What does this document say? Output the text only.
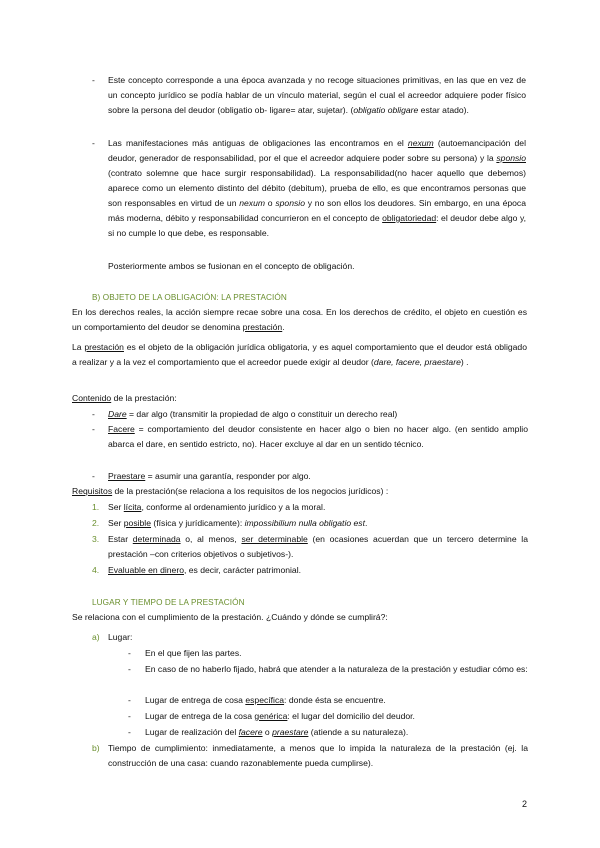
-	Este concepto corresponde a una época avanzada y no recoge situaciones primitivas, en las que en vez de un concepto jurídico se podía hablar de un vínculo material, según el cual el acreedor adquiere poder físico sobre la persona del deudor (obligatio ob- ligare= atar, sujetar). (obligatio obligare estar atado).
-	Las manifestaciones más antiguas de obligaciones las encontramos en el nexum (autoemancipación del deudor, generador de responsabilidad, por el que el acreedor adquiere poder sobre su persona) y la sponsio (contrato solemne que hace surgir responsabilidad). La responsabilidad(no hacer aquello que debemos) aparece como un elemento distinto del débito (debitum), prueba de ello, es que encontramos personas que son responsables en virtud de un nexum o sponsio y no son ellos los deudores. Sin embargo, en una época más moderna, débito y responsabilidad concurrieron en el concepto de obligatoriedad: el deudor debe algo y, si no cumple lo que debe, es responsable.
Posteriormente ambos se fusionan en el concepto de obligación.
B) OBJETO DE LA OBLIGACIÓN: LA PRESTACIÓN
En los derechos reales, la acción siempre recae sobre una cosa. En los derechos de crédito, el objeto en cuestión es un comportamiento del deudor se denomina prestación.
La prestación es el objeto de la obligación jurídica obligatoria, y es aquel comportamiento que el deudor está obligado a realizar y a la vez el comportamiento que el acreedor puede exigir al deudor (dare, facere, praestare) .
Contenido de la prestación:
-	Dare = dar algo (transmitir la propiedad de algo o constituir un derecho real)
-	Facere = comportamiento del deudor consistente en hacer algo o bien no hacer algo. (en sentido amplio abarca el dare, en sentido estricto, no). Hacer excluye al dar en un sentido técnico.
-	Praestare = asumir una garantía, responder por algo.
Requisitos de la prestación(se relaciona a los requisitos de los negocios jurídicos) :
1. Ser lícita, conforme al ordenamiento jurídico y a la moral.
2. Ser posible (física y jurídicamente): impossibilium nulla obligatio est.
3. Estar determinada o, al menos, ser determinable (en ocasiones acuerdan que un tercero determine la prestación –con criterios objetivos o subjetivos-).
4. Evaluable en dinero, es decir, carácter patrimonial.
LUGAR Y TIEMPO DE LA PRESTACIÓN
Se relaciona con el cumplimiento de la prestación. ¿Cuándo y dónde se cumplirá?:
a) Lugar:
-	En el que fijen las partes.
-	En caso de no haberlo fijado, habrá que atender a la naturaleza de la prestación y estudiar cómo es:
-	Lugar de entrega de cosa específica: donde ésta se encuentre.
-	Lugar de entrega de la cosa genérica: el lugar del domicilio del deudor.
-	Lugar de realización del facere o praestare (atiende a su naturaleza).
b) Tiempo de cumplimiento: inmediatamente, a menos que lo impida la naturaleza de la prestación (ej. la construcción de una casa: cuando razonablemente pueda cumplirse).
2
